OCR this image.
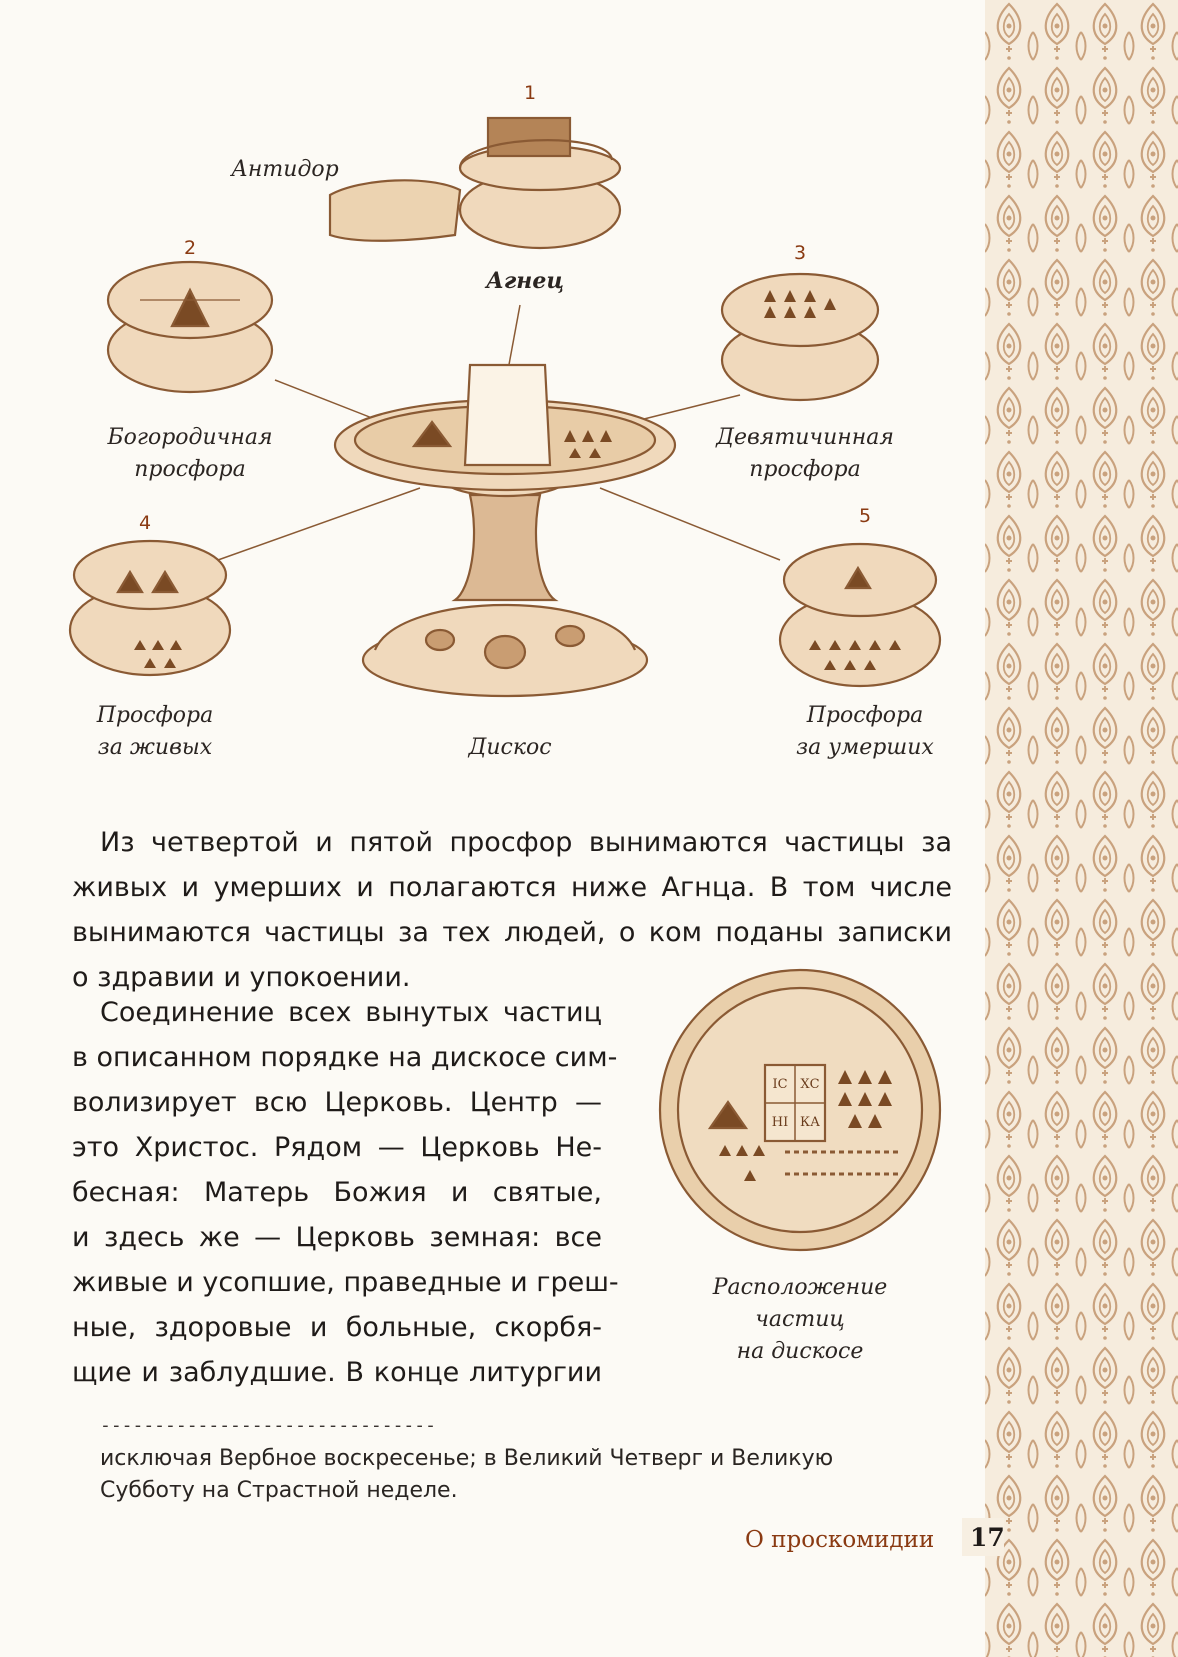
ІС ХС
НІ КА
1
2	3
4	5
Антидор
Агнец
Богородичная
просфора
Девятичинная
просфора
Просфора
за живых	Дискос
Просфора
за умерших
Расположение
частиц
на дискосе
Из четвертой и пятой просфор вынимаются частицы за
живых и умерших и полагаются ниже Агнца. В том числе
вынимаются частицы за тех людей, о ком поданы записки
о здравии и упокоении.
Соединение всех вынутых частиц
в описанном порядке на дискосе сим-
волизирует всю Церковь. Центр —
это Христос. Рядом — Церковь Не-
бесная: Матерь Божия и святые,
и здесь же — Церковь земная: все
живые и усопшие, праведные и греш-
ные, здоровые и больные, скорбя-
щие и заблудшие. В конце литургии
-------------------------------
исключая Вербное воскресенье; в Великий Четверг и Великую
Субботу на Страстной неделе.
О проскомидии 17
